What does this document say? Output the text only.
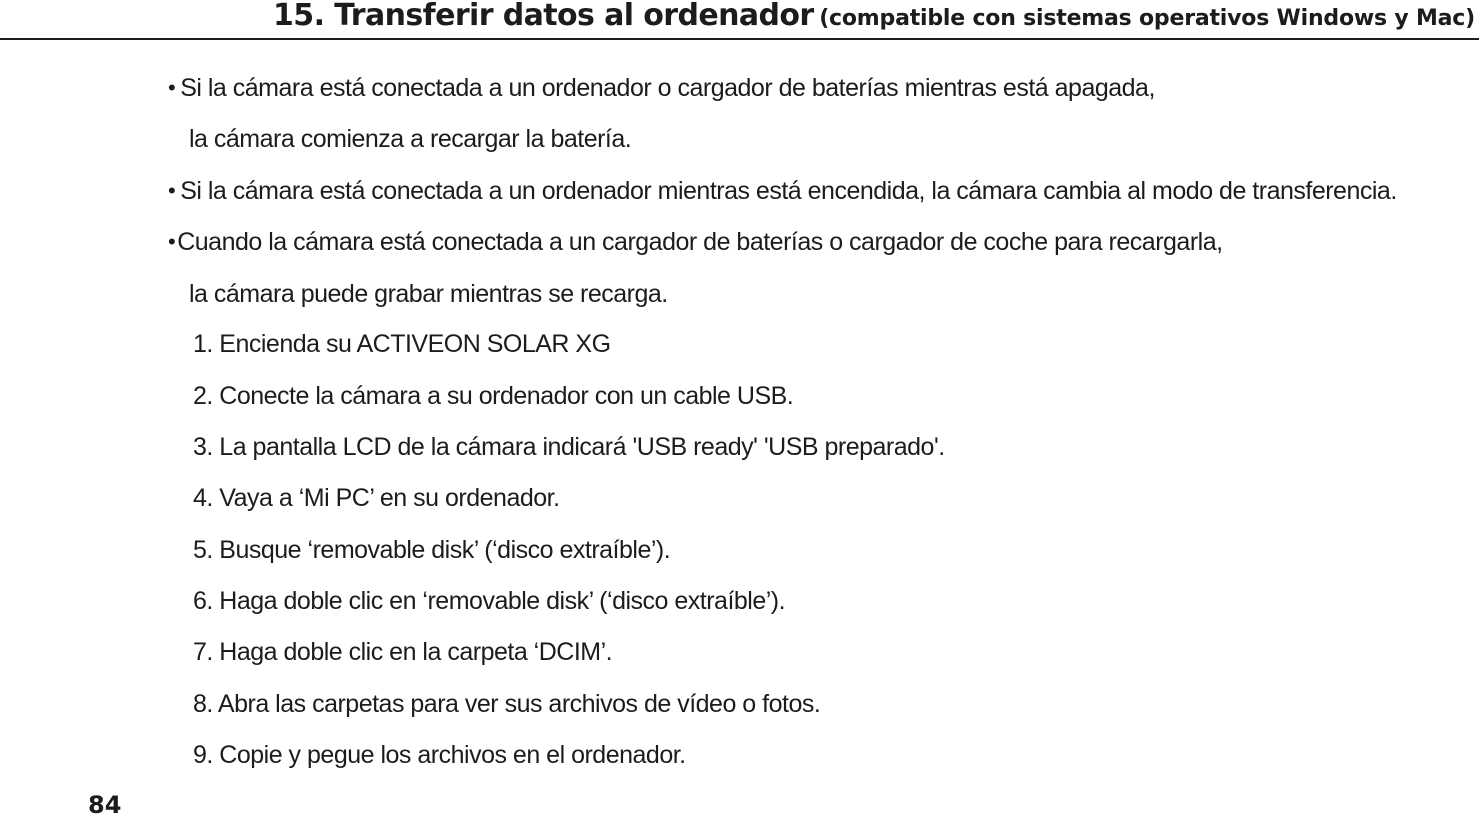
15. Transferir datos al ordenador (compatible con sistemas operativos Windows y Mac)
• Si la cámara está conectada a un ordenador o cargador de baterías mientras está apagada,
la cámara comienza a recargar la batería.
• Si la cámara está conectada a un ordenador mientras está encendida, la cámara cambia al modo de transferencia.
•Cuando la cámara está conectada a un cargador de baterías o cargador de coche para recargarla,
la cámara puede grabar mientras se recarga.
1. Encienda su ACTIVEON SOLAR XG
2. Conecte la cámara a su ordenador con un cable USB.
3. La pantalla LCD de la cámara indicará 'USB ready' 'USB preparado'.
4. Vaya a ‘Mi PC’ en su ordenador.
5. Busque ‘removable disk’ (‘disco extraíble’).
6. Haga doble clic en ‘removable disk’ (‘disco extraíble’).
7. Haga doble clic en la carpeta ‘DCIM’.
8. Abra las carpetas para ver sus archivos de vídeo o fotos.
9. Copie y pegue los archivos en el ordenador.
84
